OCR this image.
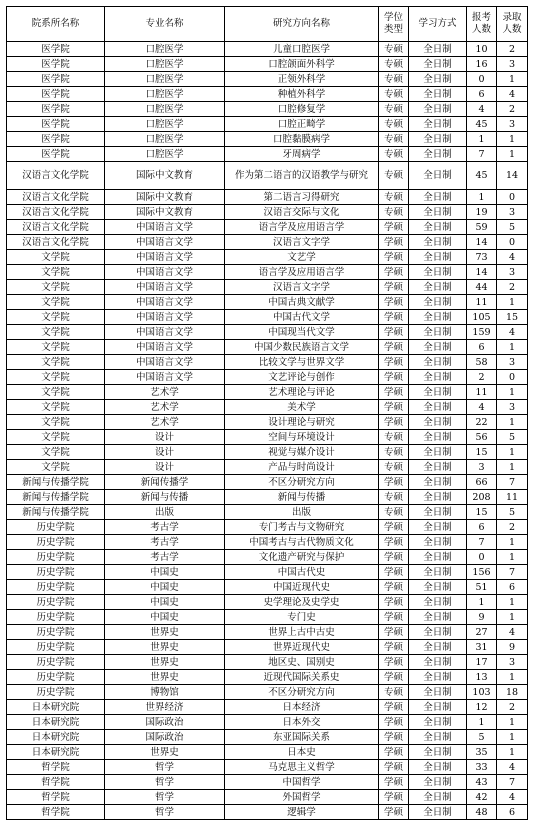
院系所名称	专业名称	研究方向名称	学位类型	学习方式	报考人数	录取人数
医学院	口腔医学	儿童口腔医学	专硕	全日制	10	2
医学院	口腔医学	口腔颌面外科学	专硕	全日制	16	3
医学院	口腔医学	正领外科学	专硕	全日制	0	1
医学院	口腔医学	种植外科学	专硕	全日制	6	4
医学院	口腔医学	口腔修复学	专硕	全日制	4	2
医学院	口腔医学	口腔正畸学	专硕	全日制	45	3
医学院	口腔医学	口腔黏膜病学	专硕	全日制	1	1
医学院	口腔医学	牙周病学	专硕	全日制	7	1
汉语言文化学院	国际中文教育	作为第二语言的汉语教学与研究	专硕	全日制	45	14
汉语言文化学院	国际中文教育	第二语言习得研究	专硕	全日制	1	0
汉语言文化学院	国际中文教育	汉语言交际与文化	专硕	全日制	19	3
汉语言文化学院	中国语言文学	语言学及应用语言学	学硕	全日制	59	5
汉语言文化学院	中国语言文学	汉语言文字学	学硕	全日制	14	0
文学院	中国语言文学	文艺学	学硕	全日制	73	4
文学院	中国语言文学	语言学及应用语言学	学硕	全日制	14	3
文学院	中国语言文学	汉语言文字学	学硕	全日制	44	2
文学院	中国语言文学	中国古典文献学	学硕	全日制	11	1
文学院	中国语言文学	中国古代文学	学硕	全日制	105	15
文学院	中国语言文学	中国现当代文学	学硕	全日制	159	4
文学院	中国语言文学	中国少数民族语言文学	学硕	全日制	6	1
文学院	中国语言文学	比较文学与世界文学	学硕	全日制	58	3
文学院	中国语言文学	文艺评论与创作	学硕	全日制	2	0
文学院	艺术学	艺术理论与评论	学硕	全日制	11	1
文学院	艺术学	美术学	学硕	全日制	4	3
文学院	艺术学	设计理论与研究	学硕	全日制	22	1
文学院	设计	空间与环境设计	专硕	全日制	56	5
文学院	设计	视觉与媒介设计	专硕	全日制	15	1
文学院	设计	产品与时尚设计	专硕	全日制	3	1
新闻与传播学院	新闻传播学	不区分研究方向	学硕	全日制	66	7
新闻与传播学院	新闻与传播	新闻与传播	专硕	全日制	208	11
新闻与传播学院	出版	出版	专硕	全日制	15	5
历史学院	考古学	专门考古与文物研究	学硕	全日制	6	2
历史学院	考古学	中国考古与古代物质文化	学硕	全日制	7	1
历史学院	考古学	文化遗产研究与保护	学硕	全日制	0	1
历史学院	中国史	中国古代史	学硕	全日制	156	7
历史学院	中国史	中国近现代史	学硕	全日制	51	6
历史学院	中国史	史学理论及史学史	学硕	全日制	1	1
历史学院	中国史	专门史	学硕	全日制	9	1
历史学院	世界史	世界上古中古史	学硕	全日制	27	4
历史学院	世界史	世界近现代史	学硕	全日制	31	9
历史学院	世界史	地区史、国别史	学硕	全日制	17	3
历史学院	世界史	近现代国际关系史	学硕	全日制	13	1
历史学院	博物馆	不区分研究方向	专硕	全日制	103	18
日本研究院	世界经济	日本经济	学硕	全日制	12	2
日本研究院	国际政治	日本外交	学硕	全日制	1	1
日本研究院	国际政治	东亚国际关系	学硕	全日制	5	1
日本研究院	世界史	日本史	学硕	全日制	35	1
哲学院	哲学	马克思主义哲学	学硕	全日制	33	4
哲学院	哲学	中国哲学	学硕	全日制	43	7
哲学院	哲学	外国哲学	学硕	全日制	42	4
哲学院	哲学	逻辑学	学硕	全日制	48	6
